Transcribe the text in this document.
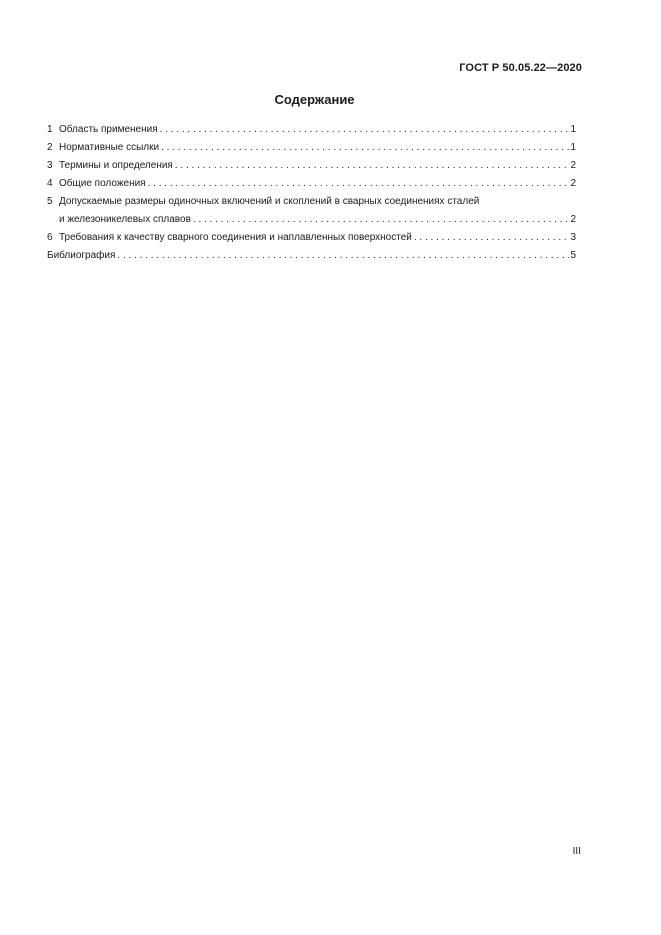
ГОСТ Р 50.05.22—2020
Содержание
1 Область применения . . .	1
2 Нормативные ссылки . . .	1
3 Термины и определения . . .	2
4 Общие положения . . .	2
5 Допускаемые размеры одиночных включений и скоплений в сварных соединениях сталей
и железоникелевых сплавов . . .	2
6 Требования к качеству сварного соединения и наплавленных поверхностей . . .	3
Библиография . . .	5
III
